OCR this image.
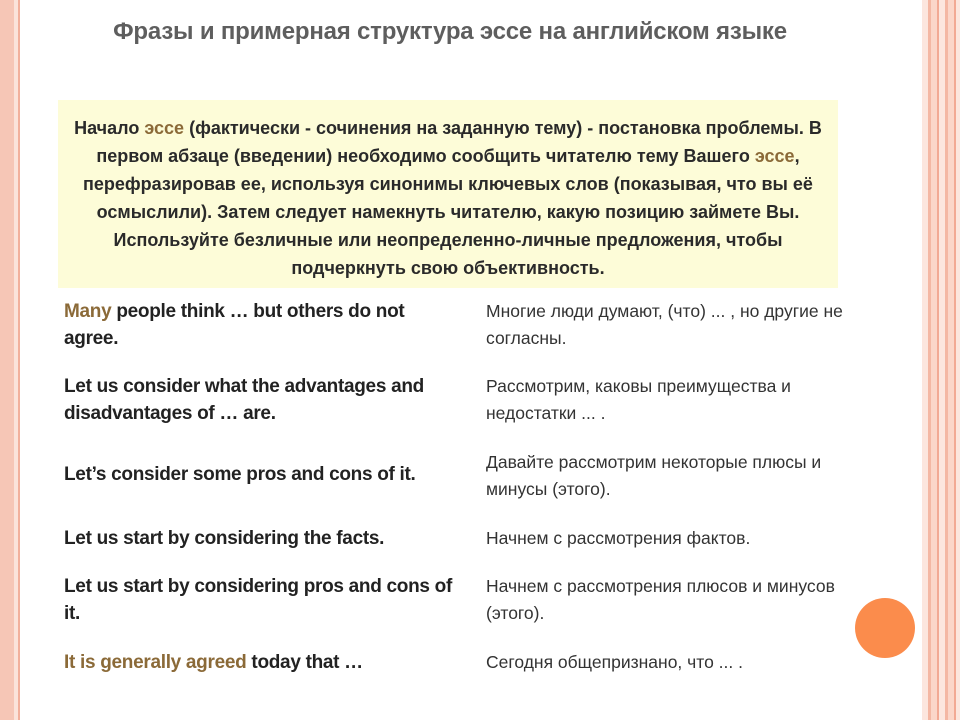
Фразы и примерная структура эссе на английском языке
Начало эссе (фактически - сочинения на заданную тему) - постановка проблемы. В первом абзаце (введении) необходимо сообщить читателю тему Вашего эссе, перефразировав ее, используя синонимы ключевых слов (показывая, что вы её осмыслили). Затем следует намекнуть читателю, какую позицию займете Вы. Используйте безличные или неопределенно-личные предложения, чтобы подчеркнуть свою объективность.
Many people think … but others do not agree.
Многие люди думают, (что) ... , но другие не согласны.
Let us consider what the advantages and disadvantages of … are.
Рассмотрим, каковы преимущества и недостатки ... .
Let’s consider some pros and cons of it.
Давайте рассмотрим некоторые плюсы и минусы (этого).
Let us start by considering the facts.	Начнем с рассмотрения фактов.
Let us start by considering pros and cons of it.
Начнем с рассмотрения плюсов и минусов (этого).
It is generally agreed today that …	Сегодня общепризнано, что ... .
